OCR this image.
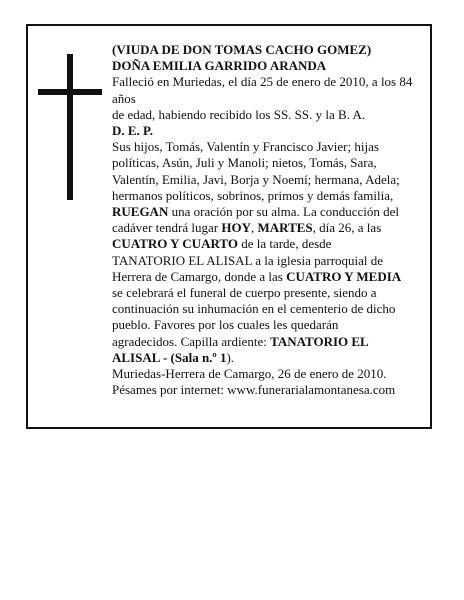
(VIUDA DE DON TOMAS CACHO GOMEZ)
DOÑA EMILIA GARRIDO ARANDA
Falleció en Muriedas, el día 25 de enero de 2010, a los 84 años
de edad, habiendo recibido los SS. SS. y la B. A.
D. E. P.
Sus hijos, Tomás, Valentín y Francisco Javier; hijas
políticas, Asún, Juli y Manoli; nietos, Tomás, Sara,
Valentín, Emilia, Javi, Borja y Noemí; hermana, Adela;
hermanos políticos, sobrinos, primos y demás familia,
RUEGAN una oración por su alma. La conducción del
cadáver tendrá lugar HOY, MARTES, día 26, a las
CUATRO Y CUARTO de la tarde, desde
TANATORIO EL ALISAL a la iglesia parroquial de
Herrera de Camargo, donde a las CUATRO Y MEDIA
se celebrará el funeral de cuerpo presente, siendo a
continuación su inhumación en el cementerio de dicho
pueblo. Favores por los cuales les quedarán
agradecidos. Capilla ardiente: TANATORIO EL
ALISAL - (Sala n.º 1).
Muriedas-Herrera de Camargo, 26 de enero de 2010.
Pésames por internet: www.funerarialamontanesa.com
